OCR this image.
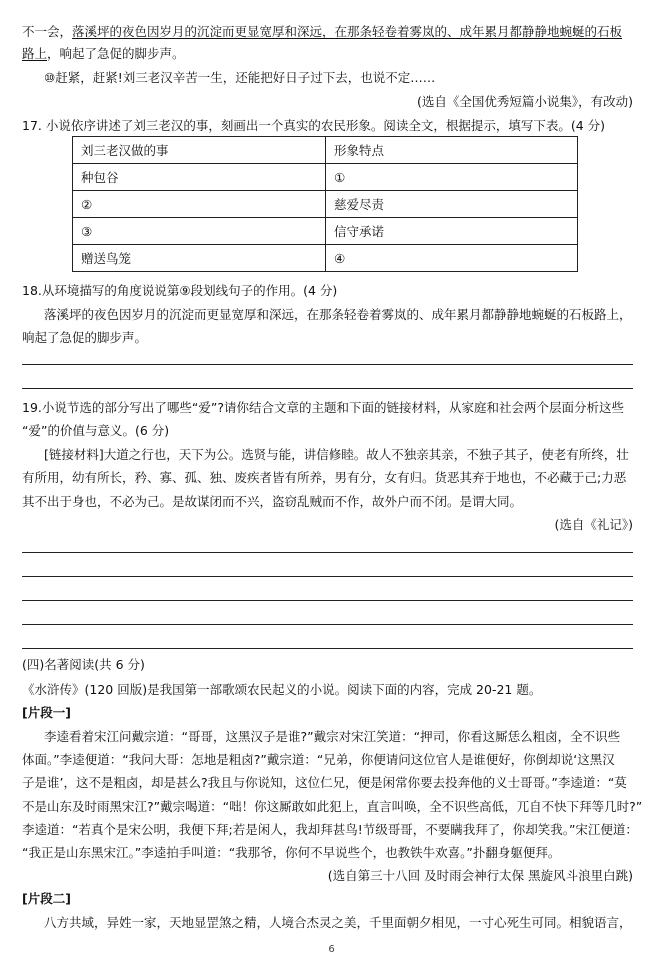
不一会，落溪坪的夜色因岁月的沉淀而更显宽厚和深远，在那条轻卷着雾岚的、成年累月都静静地蜿蜒的石板
路上，响起了急促的脚步声。
⑩赶紧，赶紧!刘三老汉辛苦一生，还能把好日子过下去，也说不定……
(选自《全国优秀短篇小说集》，有改动)
17. 小说依序讲述了刘三老汉的事，刻画出一个真实的农民形象。阅读全文，根据提示，填写下表。(4 分)
刘三老汉做的事	形象特点
种包谷	①
②	慈爱尽责
③	信守承诺
赠送鸟笼	④
18.从环境描写的角度说说第⑨段划线句子的作用。(4 分)
落溪坪的夜色因岁月的沉淀而更显宽厚和深远，在那条轻卷着雾岚的、成年累月都静静地蜿蜒的石板路上，
响起了急促的脚步声。
19.小说节选的部分写出了哪些“爱”?请你结合文章的主题和下面的链接材料，从家庭和社会两个层面分析这些
“爱”的价值与意义。(6 分)
[链接材料]大道之行也，天下为公。选贤与能，讲信修睦。故人不独亲其亲，不独子其子，使老有所终，壮
有所用，幼有所长，矜、寡、孤、独、废疾者皆有所养，男有分，女有归。货恶其弃于地也，不必藏于己;力恶
其不出于身也，不必为己。是故谋闭而不兴，盗窃乱贼而不作，故外户而不闭。是谓大同。
(选自《礼记》)
(四)名著阅读(共 6 分)
《水浒传》(120 回版)是我国第一部歌颂农民起义的小说。阅读下面的内容，完成 20-21 题。
[片段一]
李逵看着宋江问戴宗道：“哥哥，这黑汉子是谁?”戴宗对宋江笑道：“押司，你看这厮恁么粗卤，全不识些
体面。”李逵便道：“我问大哥：怎地是粗卤?”戴宗道：“兄弟，你便请问这位官人是谁便好，你倒却说‘这黑汉
子是谁’，这不是粗卤，却是甚么?我且与你说知，这位仁兄，便是闲常你要去投奔他的义士哥哥。”李逵道：“莫
不是山东及时雨黑宋江?”戴宗喝道：“咄！你这厮敢如此犯上，直言叫唤，全不识些高低，兀自不快下拜等几时?”
李逵道：“若真个是宋公明，我便下拜;若是闲人，我却拜甚鸟!节级哥哥，不要瞒我拜了，你却笑我。”宋江便道：
“我正是山东黑宋江。”李逵拍手叫道：“我那爷，你何不早说些个，也教铁牛欢喜。”扑翻身躯便拜。
(选自第三十八回 及时雨会神行太保 黑旋风斗浪里白跳)
[片段二]
八方共域，异姓一家，天地显罡煞之精，人境合杰灵之美，千里面朝夕相见，一寸心死生可同。相貌语言，
6
